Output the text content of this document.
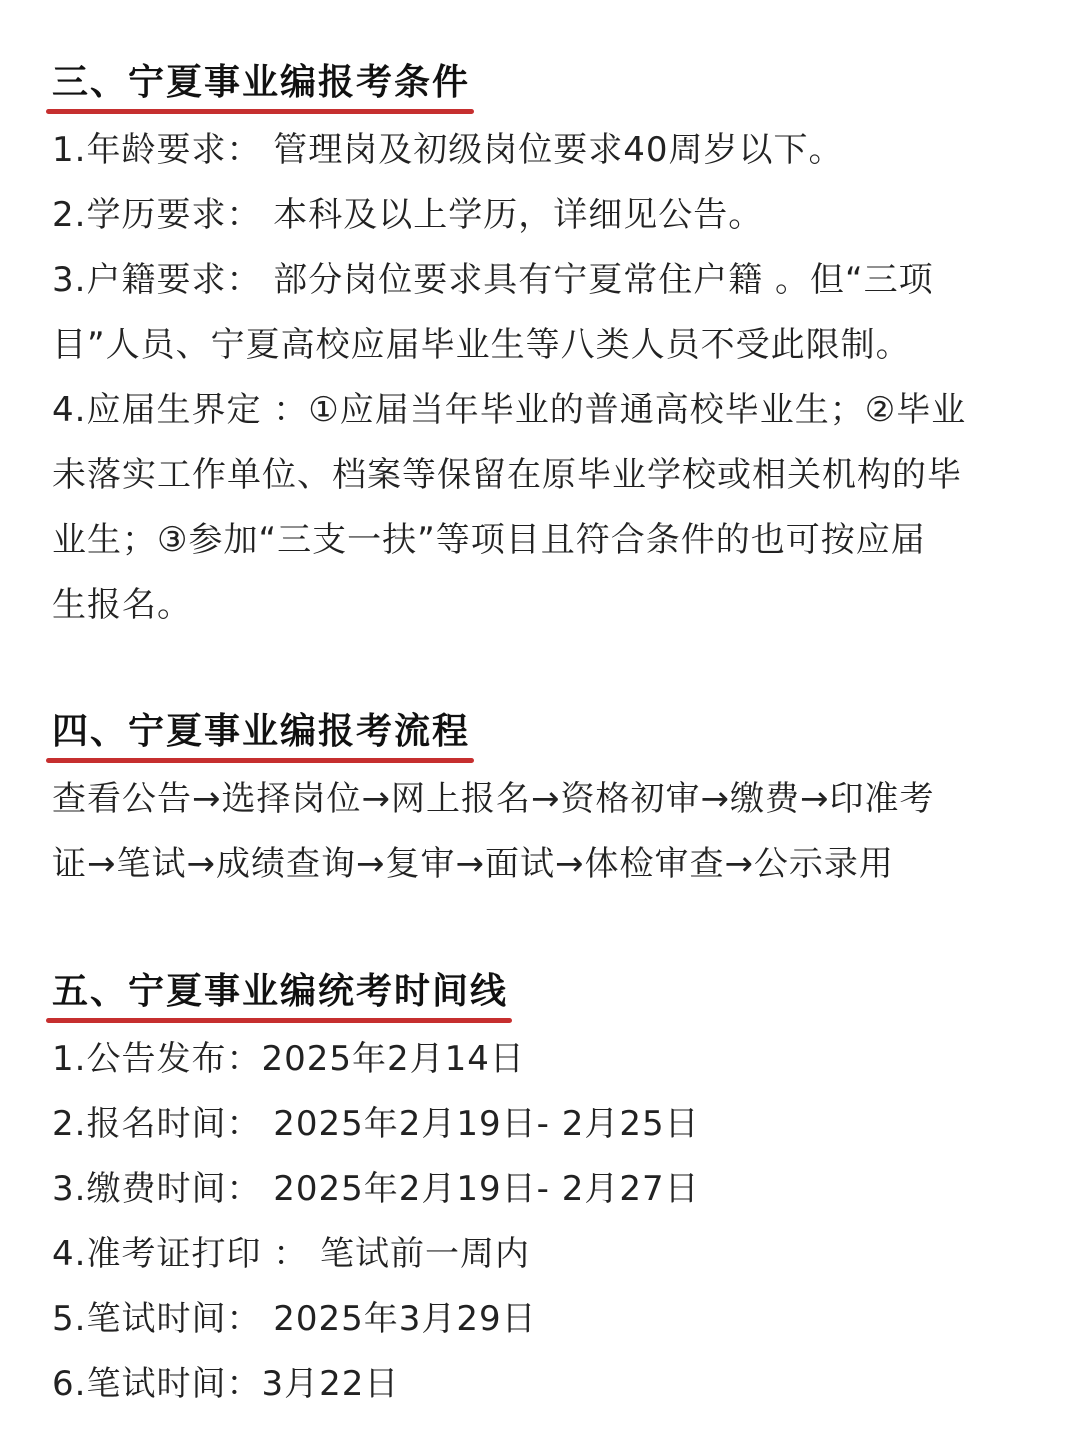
三、宁夏事业编报考条件
1.年龄要求： 管理岗及初级岗位要求40周岁以下。
2.学历要求： 本科及以上学历，详细见公告。
3.户籍要求： 部分岗位要求具有宁夏常住户籍 。但“三项
目”人员、宁夏高校应届毕业生等八类人员不受此限制。
4.应届生界定 ：①应届当年毕业的普通高校毕业生；②毕业
未落实工作单位、档案等保留在原毕业学校或相关机构的毕
业生；③参加“三支一扶”等项目且符合条件的也可按应届
生报名。
四、宁夏事业编报考流程
查看公告→选择岗位→网上报名→资格初审→缴费→印准考
证→笔试→成绩查询→复审→面试→体检审查→公示录用
五、宁夏事业编统考时间线
1.公告发布：2025年2月14日
2.报名时间： 2025年2月19日- 2月25日
3.缴费时间： 2025年2月19日- 2月27日
4.准考证打印 ： 笔试前一周内
5.笔试时间： 2025年3月29日
6.笔试时间：3月22日
